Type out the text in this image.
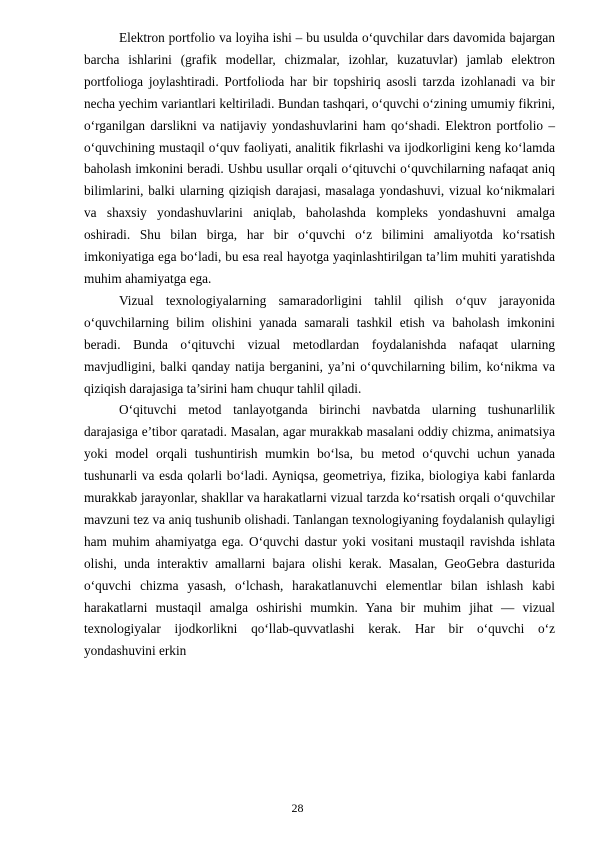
Elektron portfolio va loyiha ishi – bu usulda o‘quvchilar dars davomida bajargan barcha ishlarini (grafik modellar, chizmalar, izohlar, kuzatuvlar) jamlab elektron portfolioga joylashtiradi. Portfolioda har bir topshiriq asosli tarzda izohlanadi va bir necha yechim variantlari keltiriladi. Bundan tashqari, o‘quvchi o‘zining umumiy fikrini, o‘rganilgan darslikni va natijaviy yondashuvlarini ham qo‘shadi. Elektron portfolio – o‘quvchining mustaqil o‘quv faoliyati, analitik fikrlashi va ijodkorligini keng ko‘lamda baholash imkonini beradi. Ushbu usullar orqali o‘qituvchi o‘quvchilarning nafaqat aniq bilimlarini, balki ularning qiziqish darajasi, masalaga yondashuvi, vizual ko‘nikmalari va shaxsiy yondashuvlarini aniqlab, baholashda kompleks yondashuvni amalga oshiradi. Shu bilan birga, har bir o‘quvchi o‘z bilimini amaliyotda ko‘rsatish imkoniyatiga ega bo‘ladi, bu esa real hayotga yaqinlashtirilgan ta’lim muhiti yaratishda muhim ahamiyatga ega.

Vizual texnologiyalarning samaradorligini tahlil qilish o‘quv jarayonida o‘quvchilarning bilim olishini yanada samarali tashkil etish va baholash imkonini beradi. Bunda o‘qituvchi vizual metodlardan foydalanishda nafaqat ularning mavjudligini, balki qanday natija berganini, ya’ni o‘quvchilarning bilim, ko‘nikma va qiziqish darajasiga ta’sirini ham chuqur tahlil qiladi.

O‘qituvchi metod tanlayotganda birinchi navbatda ularning tushunarlilik darajasiga e’tibor qaratadi. Masalan, agar murakkab masalani oddiy chizma, animatsiya yoki model orqali tushuntirish mumkin bo‘lsa, bu metod o‘quvchi uchun yanada tushunarli va esda qolarli bo‘ladi. Ayniqsa, geometriya, fizika, biologiya kabi fanlarda murakkab jarayonlar, shakllar va harakatlarni vizual tarzda ko‘rsatish orqali o‘quvchilar mavzuni tez va aniq tushunib olishadi. Tanlangan texnologiyaning foydalanish qulayligi ham muhim ahamiyatga ega. O‘quvchi dastur yoki vositani mustaqil ravishda ishlata olishi, unda interaktiv amallarni bajara olishi kerak. Masalan, GeoGebra dasturida o‘quvchi chizma yasash, o‘lchash, harakatlanuvchi elementlar bilan ishlash kabi harakatlarni mustaqil amalga oshirishi mumkin. Yana bir muhim jihat — vizual texnologiyalar ijodkorlikni qo‘llab-quvvatlashi kerak. Har bir o‘quvchi o‘z yondashuvini erkin

28
